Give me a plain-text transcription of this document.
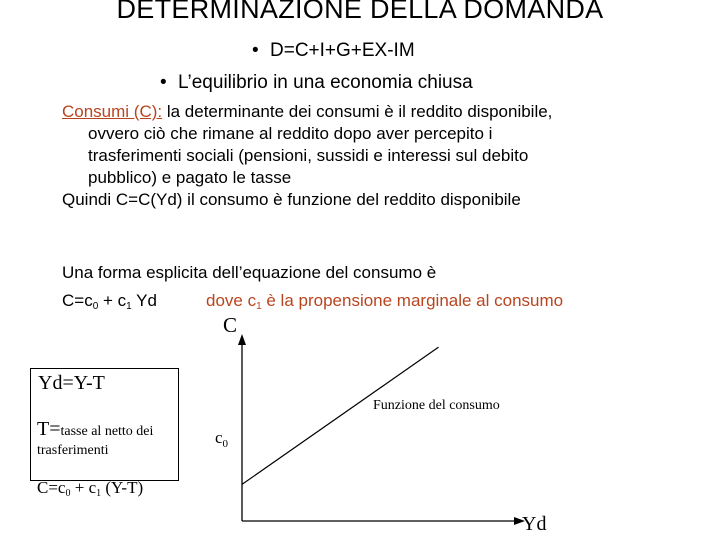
DETERMINAZIONE DELLA DOMANDA
• D=C+I+G+EX-IM
• L’equilibrio in una economia chiusa
Consumi (C): la determinante dei consumi è il reddito disponibile,
ovvero ciò che rimane al reddito dopo aver percepito i
trasferimenti sociali (pensioni, sussidi e interessi sul debito
pubblico) e pagato le tasse
Quindi C=C(Yd) il consumo è funzione del reddito disponibile
Una forma esplicita dell’equazione del consumo è
$C=c_0 + c_1$ Yd	dove $c_1$ è la propensione marginale al consumo
Yd=Y-T
T=tasse al netto dei
trasferimenti
$C=c_0 + c_1$ (Y-T)
C
Yd
Funzione del consumo
$c_0$
